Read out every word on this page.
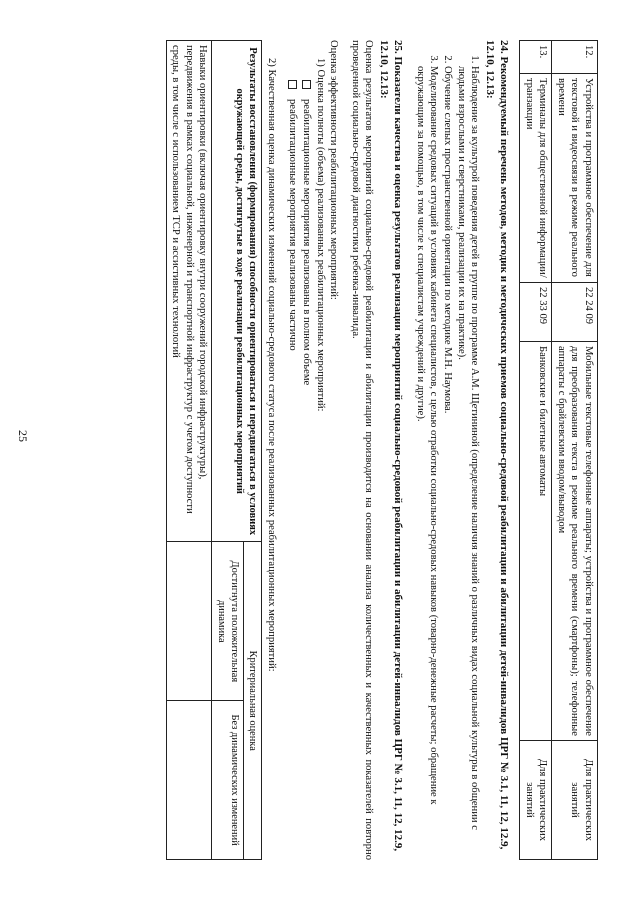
25
12.	Устройства и программное обеспечение для текстовой и видеосвязи в режиме реального времени	22 24 09	Мобильные текстовые телефонные аппараты; устройства и программное обеспечение для преобразования текста в режиме реального времени (смартфоны); телефонные аппараты с брайлевским вводом/выводом	Для практических занятий
13.	Терминалы для общественной информации/транзакции	22 33 09	Банковские и билетные автоматы	Для практических занятий
24. Рекомендуемый перечень методов, методик и методических приемов социально-средовой реабилитации и абилитации детей-инвалидов ЦРГ № 3.1, 11, 12, 12.9, 12.10, 12.13:
1. Наблюдение за культурой поведения детей в группе по программе А.М. Щетининой (определение наличия знаний о различных видах социальной культуры в общении с людьми взрослыми и сверстниками, реализации их на практике).
2. Обучение слепых пространственной ориентации по методике М.Н. Наумова.
3. Моделирование средовых ситуаций в условиях кабинета специалистов, с целью отработки социально-средовых навыков (товарно-денежные расчеты; обращение к окружающим за помощью, в том числе к специалистам учреждений и другие).
25. Показатели качества и оценка результатов реализации мероприятий социально-средовой реабилитации и абилитации детей-инвалидов ЦРГ № 3.1, 11, 12, 12.9, 12.10, 12.13:

Оценка результатов мероприятий социально-средовой реабилитации и абилитации производится на основании анализа количественных и качественных показателей повторно проведенной социально-средовой диагностики ребенка-инвалида.

Оценка эффективности реабилитационных мероприятий:

1) Оценка полноты (объема) реализованных реабилитационных мероприятий:

реабилитационные мероприятия реализованы в полном объеме

реабилитационные мероприятия реализованы частично

2) Качественная оценка динамических изменений социально-средового статуса после реализованных реабилитационных мероприятий:

Результаты восстановления (формирования) способности ориентироваться и передвигаться в условиях окружающей среды, достигнутые в ходе реализации реабилитационных мероприятий	Критериальная оценка	
	Достигнута положительная динамика	Без динамических изменений
Навыки ориентировки (включая ориентировку внутри сооружений городской инфраструктуры), передвижения в рамках социальной, инженерной и транспортной инфраструктур с учетом доступности среды, в том числе с использованием ТСР и ассистивных технологий		
